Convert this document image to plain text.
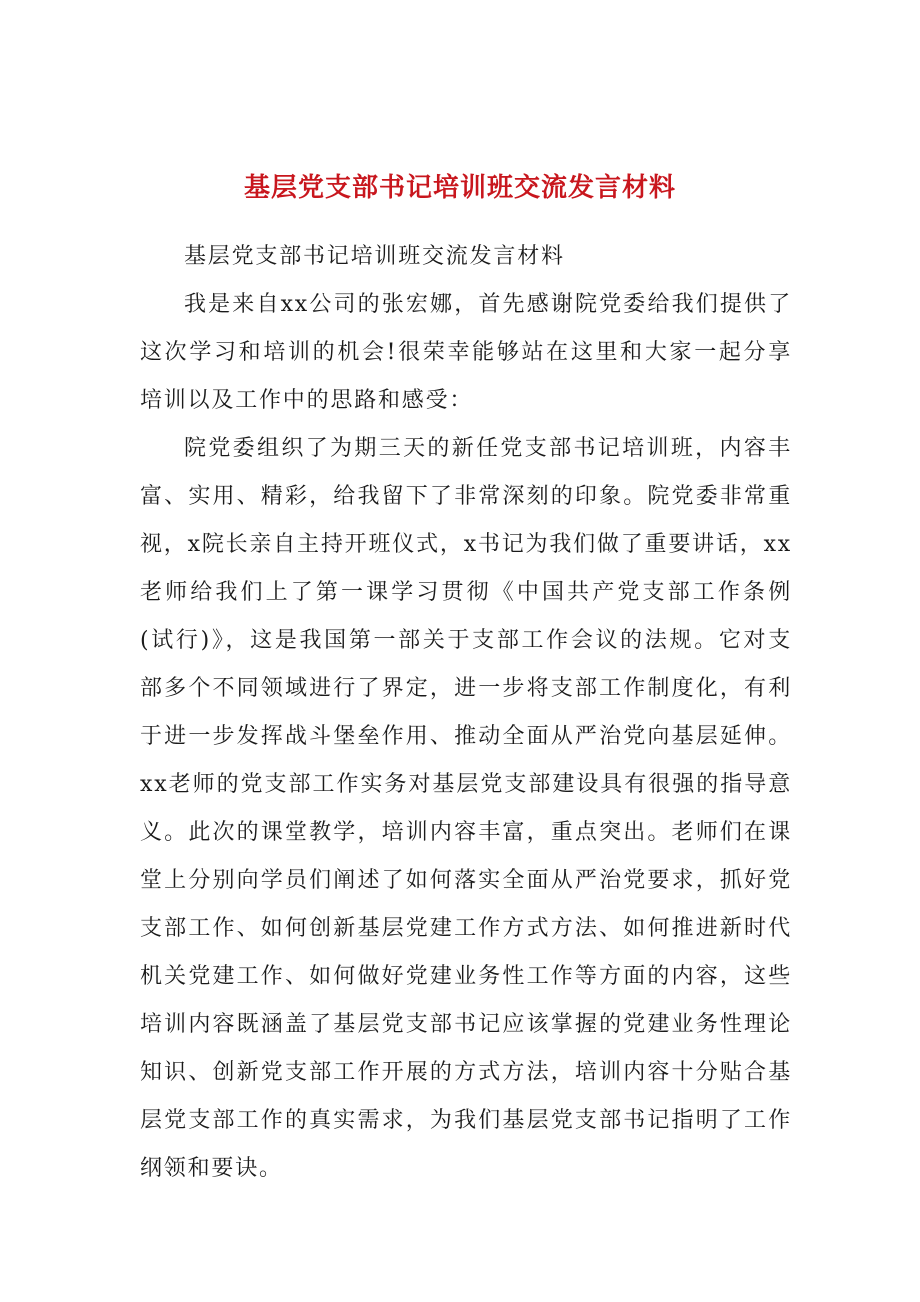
基层党支部书记培训班交流发言材料

基层党支部书记培训班交流发言材料

我是来自xx公司的张宏娜，首先感谢院党委给我们提供了这次学习和培训的机会!很荣幸能够站在这里和大家一起分享培训以及工作中的思路和感受：

院党委组织了为期三天的新任党支部书记培训班，内容丰富、实用、精彩，给我留下了非常深刻的印象。院党委非常重视，x院长亲自主持开班仪式，x书记为我们做了重要讲话，xx老师给我们上了第一课学习贯彻《中国共产党支部工作条例(试行)》，这是我国第一部关于支部工作会议的法规。它对支部多个不同领域进行了界定，进一步将支部工作制度化，有利于进一步发挥战斗堡垒作用、推动全面从严治党向基层延伸。xx老师的党支部工作实务对基层党支部建设具有很强的指导意义。此次的课堂教学，培训内容丰富，重点突出。老师们在课堂上分别向学员们阐述了如何落实全面从严治党要求，抓好党支部工作、如何创新基层党建工作方式方法、如何推进新时代机关党建工作、如何做好党建业务性工作等方面的内容，这些培训内容既涵盖了基层党支部书记应该掌握的党建业务性理论知识、创新党支部工作开展的方式方法，培训内容十分贴合基层党支部工作的真实需求，为我们基层党支部书记指明了工作纲领和要诀。
